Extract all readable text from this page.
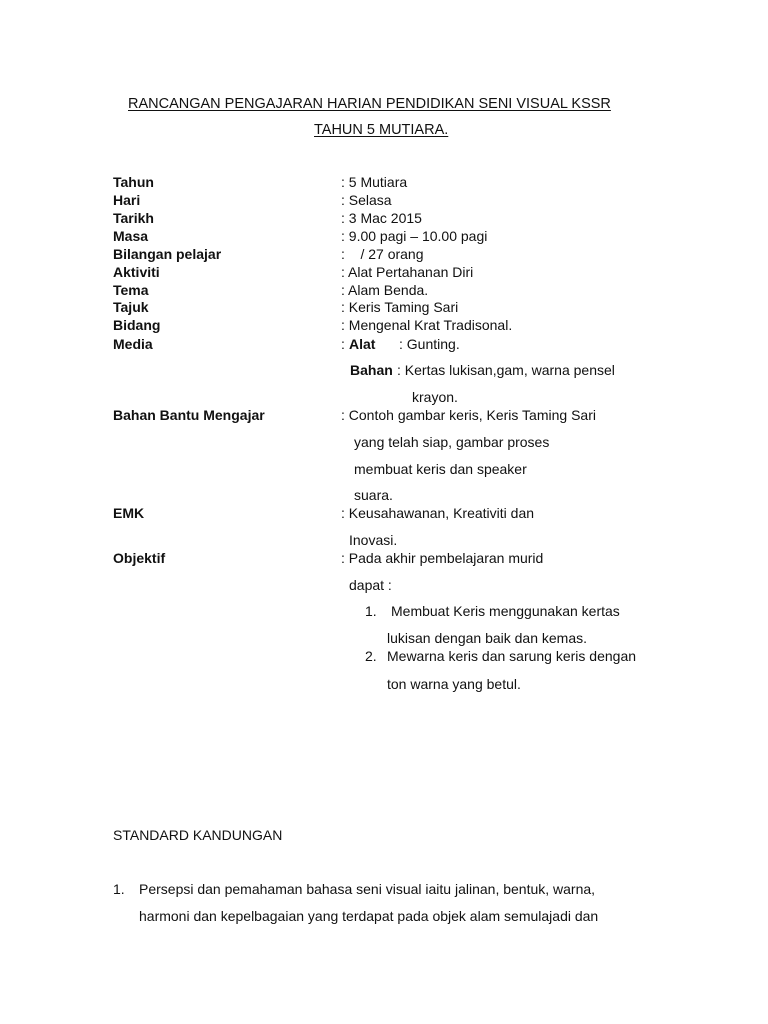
RANCANGAN PENGAJARAN HARIAN PENDIDIKAN SENI VISUAL KSSR
TAHUN 5 MUTIARA.
Tahun	: 5 Mutiara
Hari	: Selasa
Tarikh	: 3 Mac 2015
Masa	: 9.00 pagi – 10.00 pagi
Bilangan pelajar	:    / 27 orang
Aktiviti	: Alat Pertahanan Diri
Tema	: Alam Benda.
Tajuk	: Keris Taming Sari
Bidang	: Mengenal Krat Tradisonal.
Media	: Alat : Gunting.
Bahan : Kertas lukisan,gam, warna pensel
krayon.
Bahan Bantu Mengajar	: Contoh gambar keris, Keris Taming Sari
yang telah siap, gambar proses
membuat keris dan speaker
suara.
EMK	: Keusahawanan, Kreativiti dan
Inovasi.
Objektif	: Pada akhir pembelajaran murid
dapat :
1. Membuat Keris menggunakan kertas
lukisan dengan baik dan kemas.
2. Mewarna keris dan sarung keris dengan
ton warna yang betul.
STANDARD KANDUNGAN
1. Persepsi dan pemahaman bahasa seni visual iaitu jalinan, bentuk, warna,
harmoni dan kepelbagaian yang terdapat pada objek alam semulajadi dan
